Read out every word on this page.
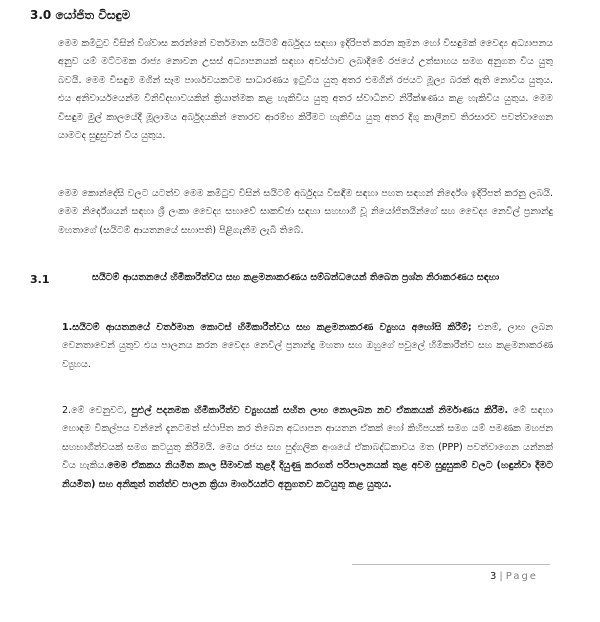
3.0 යෝජිත විසඳුම

මෙම කමිටුව විසින් විශ්වාස කරන්නේ වර්තමාන සයිටම් අර්බුදය සඳහා ඉදිරිපත් කරන කුමන හෝ විසඳුමක් වෛද්‍ය අධ්‍යාපනය අනුව යම් මට්ටමක රාජ්‍ය නොවන උසස් අධ්‍යාපනයක් සඳහා අවස්ථාව ලබාදීමේ රජයේ උත්සාහය සමග අනුගත විය යුතු බවයි. මෙම විසඳුම මගින් සෑම පාර්ශවයකටම සාධාරණය ඉටුවිය යුතු අතර එමගින් රජයට මූල්‍ය බරක් ඇති නොවිය යුතුය. එය අනිවාර්යයෙන්ම විනිවිදභාවයකින් ක්‍රියාත්මක කළ හැකිවිය යුතු අතර ස්වාධීනව නිරීක්ෂණය කළ හැකිවිය යුතුය. මෙම විසඳුම මුල් කාලයේදී මූලාමය අර්බුදයකින් තොරව ආරම්භ කිරීමට හැකිවිය යුතු අතර දිගු කාලීනව තිරසාරව පවත්වාගෙන යාමටද සුදුසුවන් විය යුතුය.

මෙම කොන්දේසි වලට යටත්ව මෙම කමිටුව විසින් සයිටම් අර්බුදය විසඳීම සඳහා පහත සඳහන් නිර්දේශ ඉදිරිපත් කරනු ලබයි. මෙම නිර්දේශයන් සඳහා ශ්‍රී ලංකා වෛද්‍ය සභාවේ සාකච්ඡා සඳහා සහභාගී වූ නියෝජිතයින්ගේ සහ වෛද්‍ය නෙවිල් ප්‍රනාන්දු මහතාගේ (සයිටම් ආයතනයේ සභාපති) පිළිගැනීම ලැබී තිබේ.

3.1	සයිටම් ආයතනයේ හිමිකාරීත්වය සහ කළමනාකරණය සම්බන්ධයෙන් තිබෙන ප්‍රශ්න නිරාකරණය සඳහා

1.සයිටම් ආයතනයේ වර්තමාන කොටස් හිමිකාරීත්වය සහ කළමනාකරණ ව්‍යුහය අහෝසි කිරීම්; එනම්, ලාභ ලබන වෙනතාවෙන් යුතුව එය පාලනය කරන වෛද්‍ය නෙවිල් ප්‍රනාන්දු මහතා සහ ඔහුගේ පවුලේ හිමිකාරීත්ව සහ කළමනාකරණ ව්‍යුහය.

2.මේ වෙනුවට, පුළුල් පදනමක හිමිකාරීත්ව ව්‍යුහයක් සහිත ලාභ නොලබන නව ඒකකයක් නිර්මාණය කිරීම. මේ සඳහා හොඳම විකල්පය වන්නේ දැනටමත් ස්ථාපිත කර තිබෙන අධ්‍යාපන ආයතන ඒකක් හෝ කිහිපයක් සමග යම් පමණක මහජන සහභාගීත්වයක් සමග කටයුතු කිරීමයි. මෙය රජය සහ පුද්ගලික අංශයේ ඒකාබද්ධකාවය මත (PPP) පවත්වාගෙන යන්නක් විය හැකිය.මෙම ඒකකය නියමිත කාල සීමාවක් තුළදී දියුණු කරගත් පරිපාලනයක් තුළ අවම සුදුසුකම් වලට (හඳුන්වා දීමට නියමිත) සහ අනිකුත් තත්ත්ව පාලන ක්‍රියා මාර්ගයන්ට අනුගතව කටයුතු කළ යුතුය.

3 | Page
